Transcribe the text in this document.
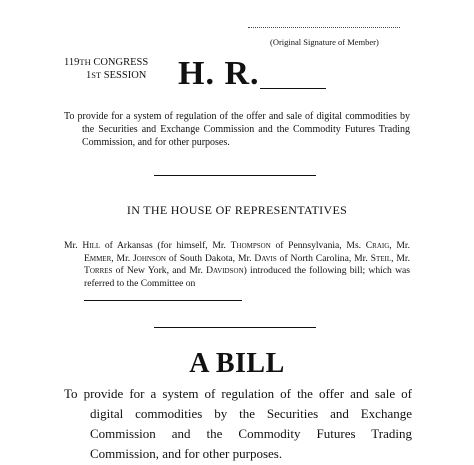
(Original Signature of Member)
119TH CONGRESS
1ST SESSION H. R.
To provide for a system of regulation of the offer and sale of digital commodities by the Securities and Exchange Commission and the Commodity Futures Trading Commission, and for other purposes.
IN THE HOUSE OF REPRESENTATIVES
Mr. Hill of Arkansas (for himself, Mr. Thompson of Pennsylvania, Ms. Craig, Mr. Emmer, Mr. Johnson of South Dakota, Mr. Davis of North Carolina, Mr. Steil, Mr. Torres of New York, and Mr. Davidson) introduced the following bill; which was referred to the Committee on
A BILL
To provide for a system of regulation of the offer and sale of digital commodities by the Securities and Exchange Commission and the Commodity Futures Trading Commission, and for other purposes.
